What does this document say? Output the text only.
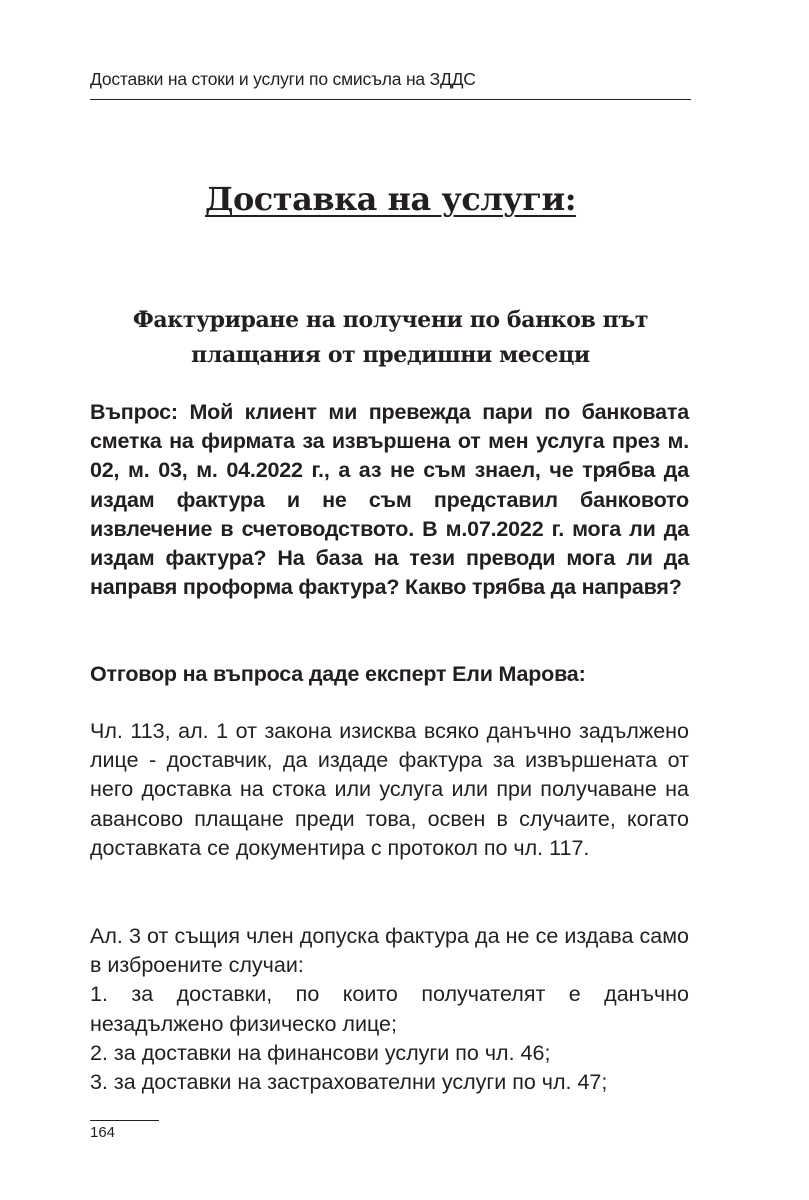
Доставки на стоки и услуги по смисъла на ЗДДС
Доставка на услуги:
Фактуриране на получени по банков път
плащания от предишни месеци

Въпрос: Мой клиент ми превежда пари по банковата сметка на фирмата за извършена от мен услуга през м. 02, м. 03, м. 04.2022 г., а аз не съм знаел, че трябва да издам фактура и не съм представил банковото извлечение в счетоводството. В м.07.2022 г. мога ли да издам фактура? На база на тези преводи мога ли да направя проформа фактура? Какво трябва да направя?

Отговор на въпроса даде експерт Ели Марова:

Чл. 113, ал. 1 от закона изисква всяко данъчно задължено лице - доставчик, да издаде фактура за извършената от него доставка на стока или услуга или при получаване на авансово плащане преди това, освен в случаите, когато доставката се документира с протокол по чл. 117.

Ал. 3 от същия член допуска фактура да не се издава само в изброените случаи:
1. за доставки, по които получателят е данъчно незадължено физическо лице;
2. за доставки на финансови услуги по чл. 46;
3. за доставки на застрахователни услуги по чл. 47;
164
